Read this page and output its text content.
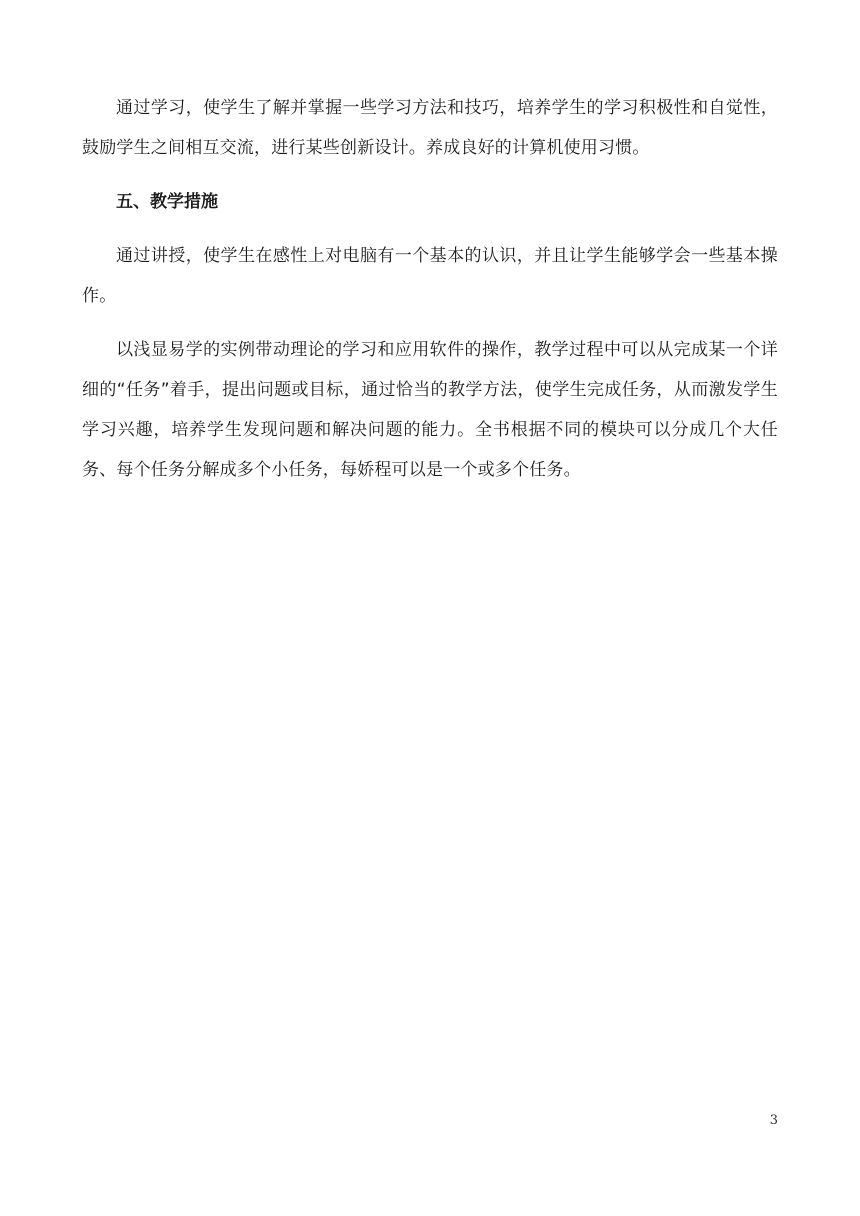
通过学习，使学生了解并掌握一些学习方法和技巧，培养学生的学习积极性和自觉性，鼓励学生之间相互交流，进行某些创新设计。养成良好的计算机使用习惯。

五、教学措施

通过讲授，使学生在感性上对电脑有一个基本的认识，并且让学生能够学会一些基本操作。

以浅显易学的实例带动理论的学习和应用软件的操作，教学过程中可以从完成某一个详细的“任务”着手，提出问题或目标，通过恰当的教学方法，使学生完成任务，从而激发学生学习兴趣，培养学生发现问题和解决问题的能力。全书根据不同的模块可以分成几个大任务、每个任务分解成多个小任务，每娇程可以是一个或多个任务。

3
